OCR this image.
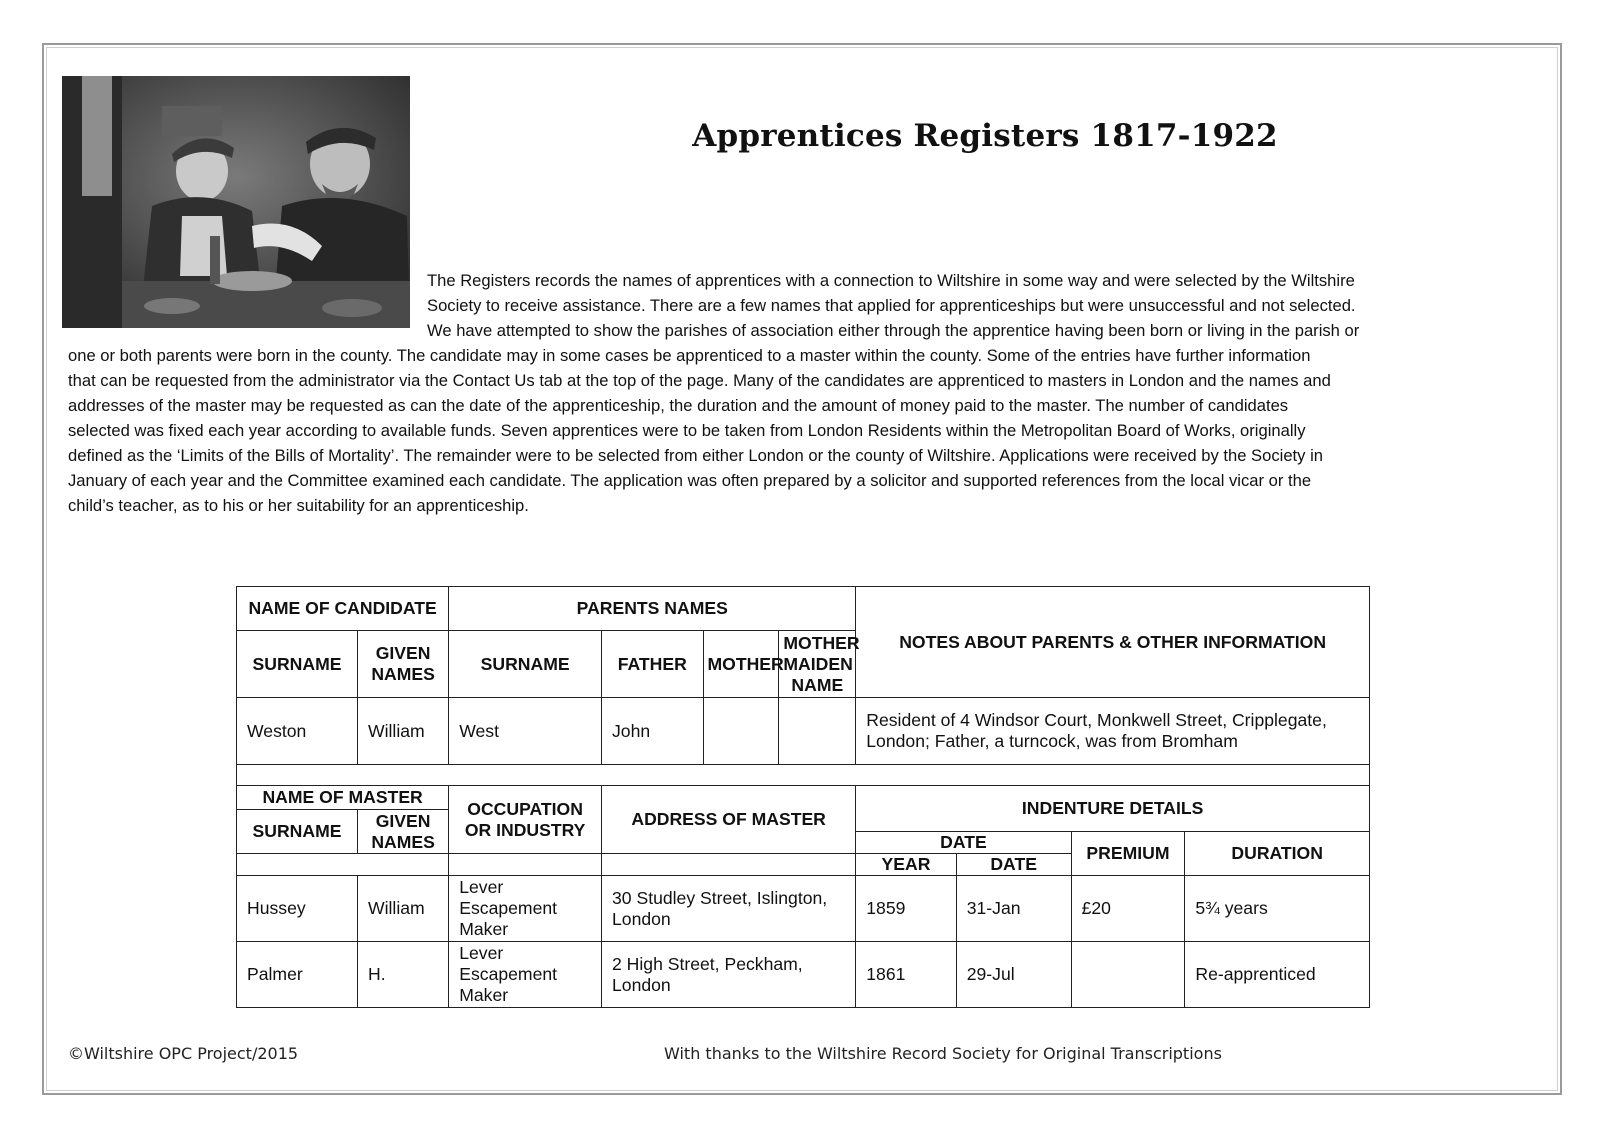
Apprentices Registers 1817-1922
The Registers records the names of apprentices with a connection to Wiltshire in some way and were selected by the Wiltshire
Society to receive assistance. There are a few names that applied for apprenticeships but were unsuccessful and not selected.
We have attempted to show the parishes of association either through the apprentice having been born or living in the parish or
one or both parents were born in the county. The candidate may in some cases be apprenticed to a master within the county. Some of the entries have further information
that can be requested from the administrator via the Contact Us tab at the top of the page. Many of the candidates are apprenticed to masters in London and the names and
addresses of the master may be requested as can the date of the apprenticeship, the duration and the amount of money paid to the master. The number of candidates
selected was fixed each year according to available funds. Seven apprentices were to be taken from London Residents within the Metropolitan Board of Works, originally
defined as the ‘Limits of the Bills of Mortality’. The remainder were to be selected from either London or the county of Wiltshire. Applications were received by the Society in
January of each year and the Committee examined each candidate. The application was often prepared by a solicitor and supported references from the local vicar or the
child’s teacher, as to his or her suitability for an apprenticeship.
NAME OF CANDIDATE		PARENTS NAMES				NOTES ABOUT PARENTS & OTHER INFORMATION			
SURNAME	GIVEN NAMES	SURNAME	FATHER	MOTHER	MOTHER MAIDEN NAME				
Weston	William	West	John			Resident of 4 Windsor Court, Monkwell Street, Cripplegate, London; Father, a turncock, was from Bromham			

NAME OF MASTER		OCCUPATION OR INDUSTRY	ADDRESS OF MASTER			INDENTURE DETAILS			
SURNAME	GIVEN NAMES								
						DATE		PREMIUM	DURATION
						YEAR	DATE		
Hussey	William	Lever Escapement Maker	30 Studley Street, Islington, London			1859	31-Jan	£20	5¾ years
Palmer	H.	Lever Escapement Maker	2 High Street, Peckham, London			1861	29-Jul		Re-apprenticed
©Wiltshire OPC Project/2015	With thanks to the Wiltshire Record Society for Original Transcriptions
